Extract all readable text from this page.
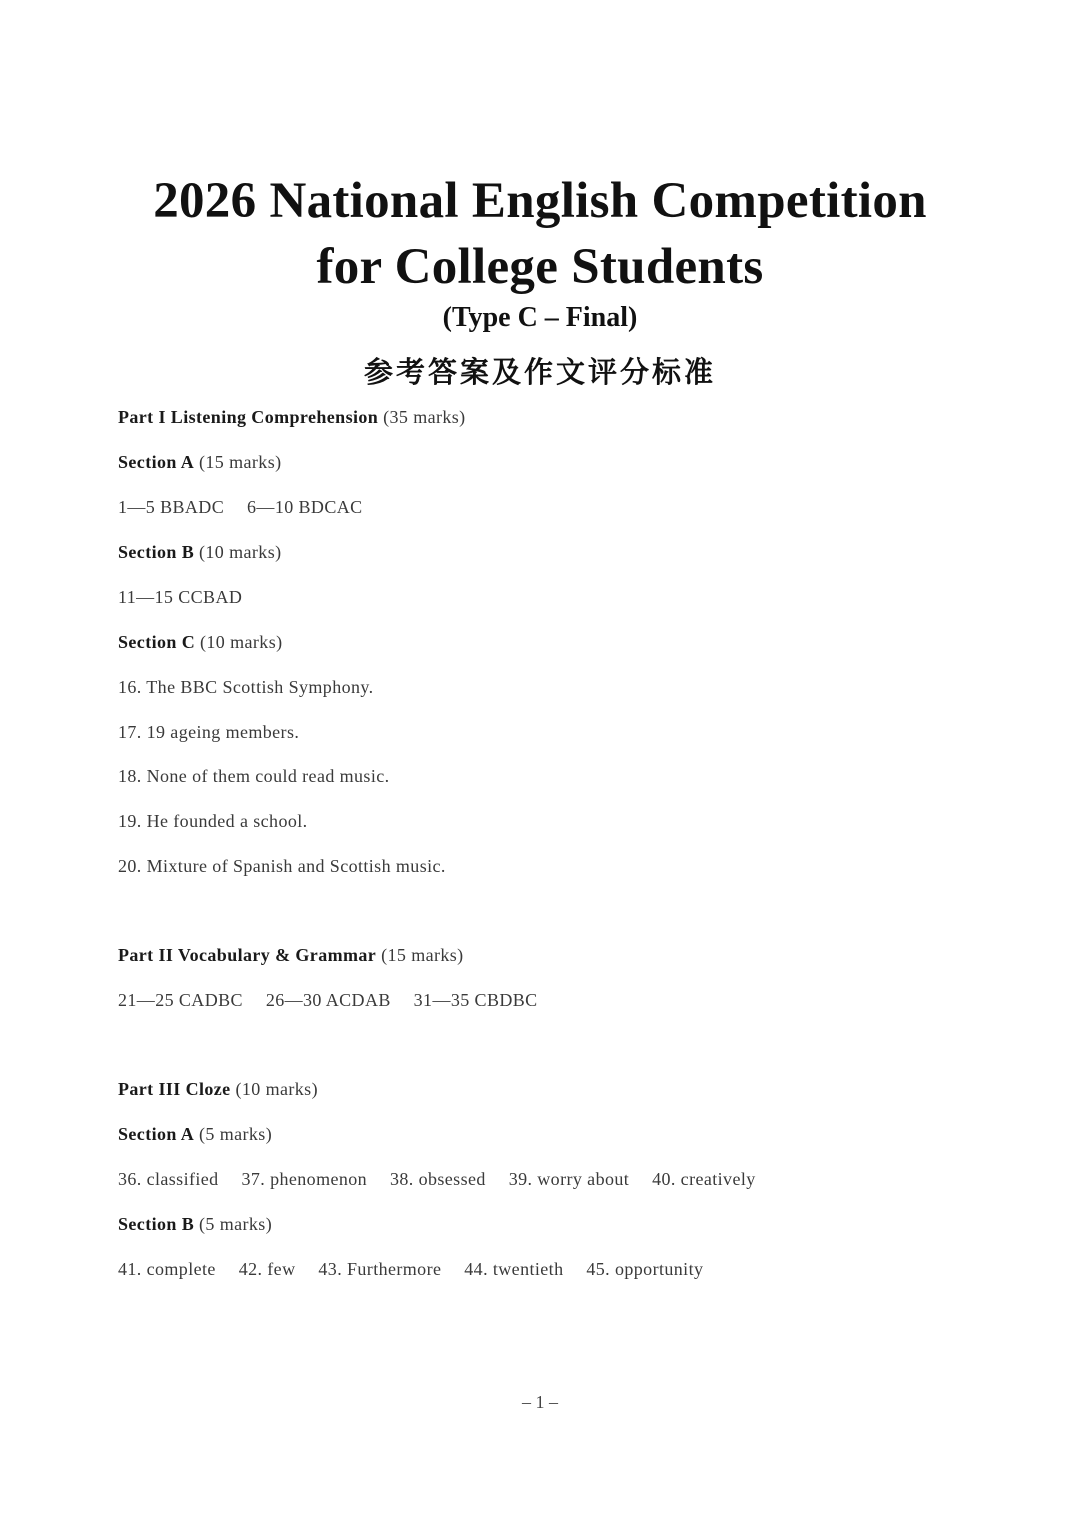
2026 National English Competition
for College Students
(Type C – Final)
参考答案及作文评分标准
Part I Listening Comprehension (35 marks)
Section A (15 marks)
1—5 BBADC 6—10 BDCAC
Section B (10 marks)
11—15 CCBAD
Section C (10 marks)
16. The BBC Scottish Symphony.
17. 19 ageing members.
18. None of them could read music.
19. He founded a school.
20. Mixture of Spanish and Scottish music.
Part II Vocabulary & Grammar (15 marks)
21—25 CADBC 26—30 ACDAB 31—35 CBDBC
Part III Cloze (10 marks)
Section A (5 marks)
36. classified 37. phenomenon 38. obsessed 39. worry about 40. creatively
Section B (5 marks)
41. complete 42. few 43. Furthermore 44. twentieth 45. opportunity
– 1 –
